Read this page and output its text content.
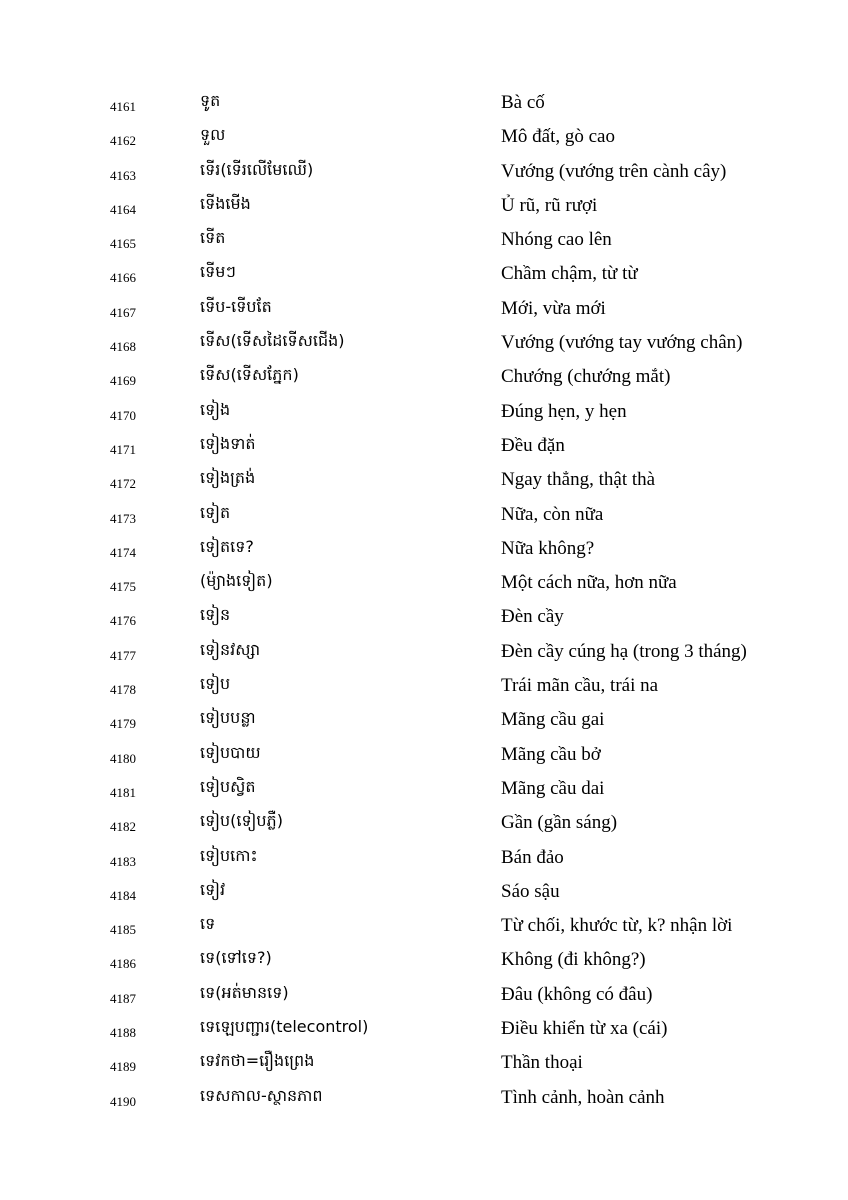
4161	ទូត	Bà cố
4162	ទួល	Mô đất, gò cao
4163	ទើរ(ទើរលើមែឈើ)	Vướng (vướng trên cành cây)
4164	ទើងមើង	Ủ rũ, rũ rượi
4165	ទើត	Nhóng cao lên
4166	ទើមៗ	Chầm chậm, từ từ
4167	ទើប-ទើបតែ	Mới, vừa mới
4168	ទើស(ទើសដៃទើសជើង)	Vướng (vướng tay vướng chân)
4169	ទើស(ទើសភ្នែក)	Chướng (chướng mắt)
4170	ទៀង	Đúng hẹn, y hẹn
4171	ទៀងទាត់	Đều đặn
4172	ទៀងត្រង់	Ngay thẳng, thật thà
4173	ទៀត	Nữa, còn nữa
4174	ទៀតទេ?	Nữa không?
4175	(ម៉្យាងទៀត)	Một cách nữa, hơn nữa
4176	ទៀន	Đèn cầy
4177	ទៀនវស្សា	Đèn cầy cúng hạ (trong 3 tháng)
4178	ទៀប	Trái mãn cầu, trái na
4179	ទៀបបន្លា	Mãng cầu gai
4180	ទៀបបាយ	Mãng cầu bở
4181	ទៀបស្វិត	Mãng cầu dai
4182	ទៀប(ទៀបភ្លឺ)	Gần (gần sáng)
4183	ទៀបកោះ	Bán đảo
4184	ទៀវ	Sáo sậu
4185	ទេ	Từ chối, khước từ, k? nhận lời
4186	ទេ(ទៅទេ?)	Không (đi không?)
4187	ទេ(អត់មានទេ)	Đâu (không có đâu)
4188	ទេឡេបញ្ជារ(telecontrol)	Điều khiển từ xa (cái)
4189	ទេវកថា=រឿងព្រេង	Thần thoại
4190	ទេសកាល-ស្ថានភាព	Tình cảnh, hoàn cảnh
